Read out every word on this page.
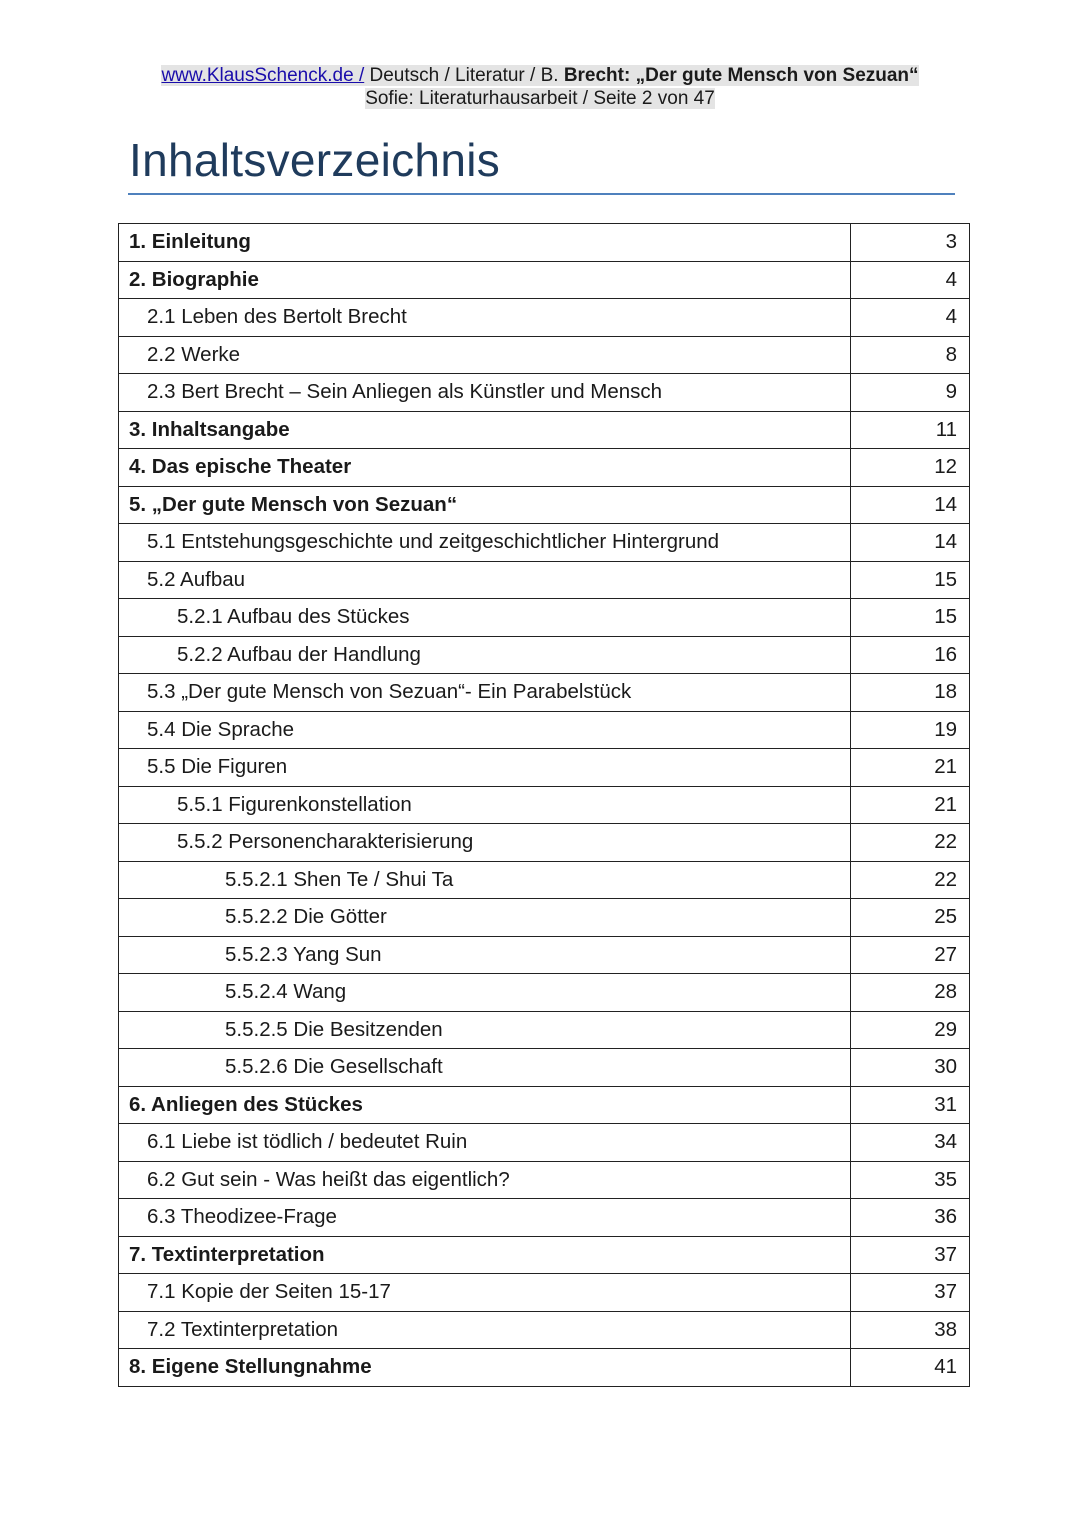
www.KlausSchenck.de / Deutsch / Literatur / B. Brecht: „Der gute Mensch von Sezuan“
Sofie: Literaturhausarbeit / Seite 2 von 47
Inhaltsverzeichnis
1. Einleitung	3
2. Biographie	4
2.1 Leben des Bertolt Brecht	4
2.2 Werke	8
2.3 Bert Brecht – Sein Anliegen als Künstler und Mensch	9
3. Inhaltsangabe	11
4. Das epische Theater	12
5. „Der gute Mensch von Sezuan“	14
5.1 Entstehungsgeschichte und zeitgeschichtlicher Hintergrund	14
5.2 Aufbau	15
5.2.1 Aufbau des Stückes	15
5.2.2 Aufbau der Handlung	16
5.3 „Der gute Mensch von Sezuan“- Ein Parabelstück	18
5.4 Die Sprache	19
5.5 Die Figuren	21
5.5.1 Figurenkonstellation	21
5.5.2 Personencharakterisierung	22
5.5.2.1 Shen Te / Shui Ta	22
5.5.2.2 Die Götter	25
5.5.2.3 Yang Sun	27
5.5.2.4 Wang	28
5.5.2.5 Die Besitzenden	29
5.5.2.6 Die Gesellschaft	30
6. Anliegen des Stückes	31
6.1 Liebe ist tödlich / bedeutet Ruin	34
6.2 Gut sein - Was heißt das eigentlich?	35
6.3 Theodizee-Frage	36
7. Textinterpretation	37
7.1 Kopie der Seiten 15-17	37
7.2 Textinterpretation	38
8. Eigene Stellungnahme	41
